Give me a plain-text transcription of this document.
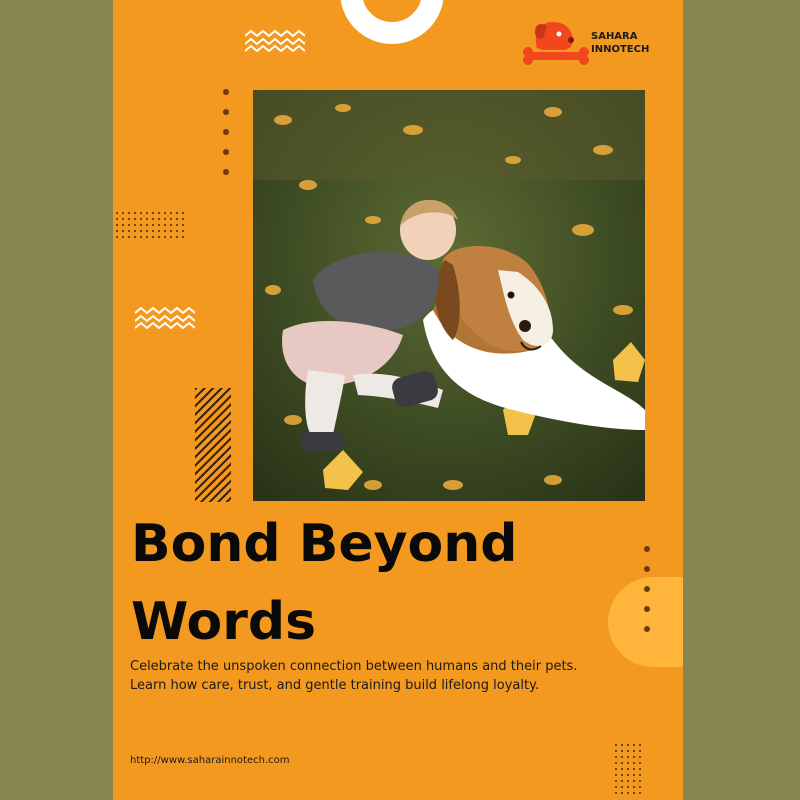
SAHARA
INNOTECH
Bond Beyond
Words

Celebrate the unspoken connection between humans and their pets. Learn how care, trust, and gentle training build lifelong loyalty.

http://www.saharainnotech.com
